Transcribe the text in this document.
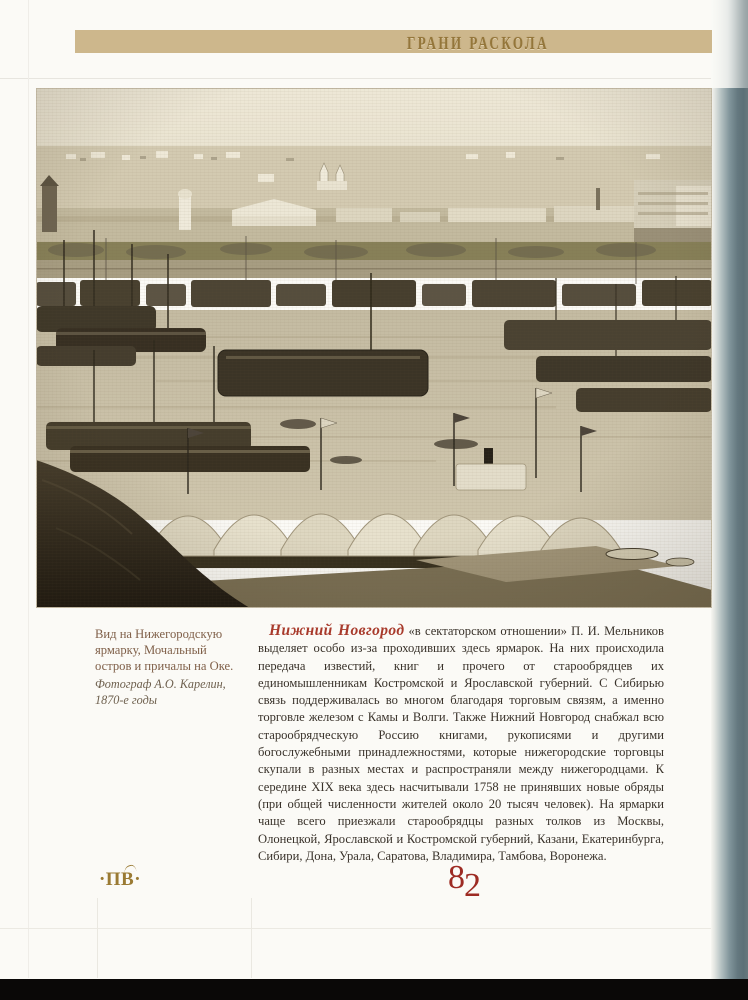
ГРАНИ РАСКОЛА
Вид на Нижегородскую ярмарку, Мочальный остров и причалы на Оке.
Фотограф А.О. Карелин, 1870-е годы

Нижний Новгород «в сектаторском отношении» П. И. Мельников выделяет особо из-за проходивших здесь ярмарок. На них происходила передача известий, книг и прочего от старообрядцев их единомышленникам Костромской и Ярославской губерний. С Сибирью связь поддерживалась во многом благодаря торговым связям, а именно торговле железом с Камы и Волги. Также Нижний Новгород снабжал всю старообрядческую Россию книгами, рукописями и другими богослужебными принадлежностями, которые нижегородские торговцы скупали в разных местах и распространяли между нижегородцами. К середине XIX века здесь насчитывали 1758 не принявших новые обряды (при общей численности жителей около 20 тысяч человек). На ярмарки чаще всего приезжали старообрядцы разных толков из Москвы, Олонецкой, Ярославской и Костромской губерний, Казани, Екатеринбурга, Сибири, Дона, Урала, Саратова, Владимира, Тамбова, Воронежа.

·ПВ·	82
